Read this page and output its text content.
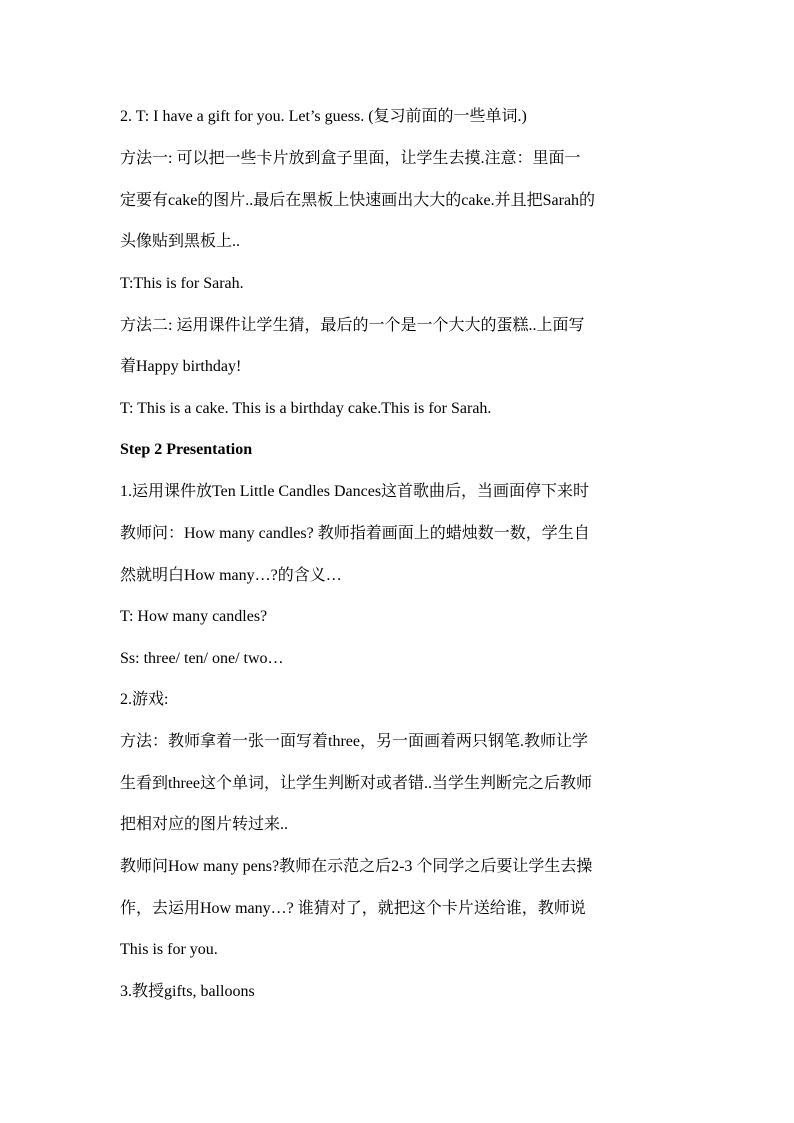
2. T: I have a gift for you. Let’s guess. (复习前面的一些单词.)
方法一: 可以把一些卡片放到盒子里面，让学生去摸.注意：里面一
定要有cake的图片..最后在黑板上快速画出大大的cake.并且把Sarah的
头像贴到黑板上..
T:This is for Sarah.
方法二: 运用课件让学生猜，最后的一个是一个大大的蛋糕..上面写
着Happy birthday!
T: This is a cake. This is a birthday cake.This is for Sarah.
Step 2 Presentation
1.运用课件放Ten Little Candles Dances这首歌曲后，当画面停下来时
教师问：How many candles? 教师指着画面上的蜡烛数一数，学生自
然就明白How many…?的含义…
T: How many candles?
Ss: three/ ten/ one/ two…
2.游戏:
方法：教师拿着一张一面写着three，另一面画着两只钢笔.教师让学
生看到three这个单词，让学生判断对或者错..当学生判断完之后教师
把相对应的图片转过来..
教师问How many pens?教师在示范之后2-3 个同学之后要让学生去操
作，去运用How many…? 谁猜对了，就把这个卡片送给谁，教师说
This is for you.
3.教授gifts, balloons
